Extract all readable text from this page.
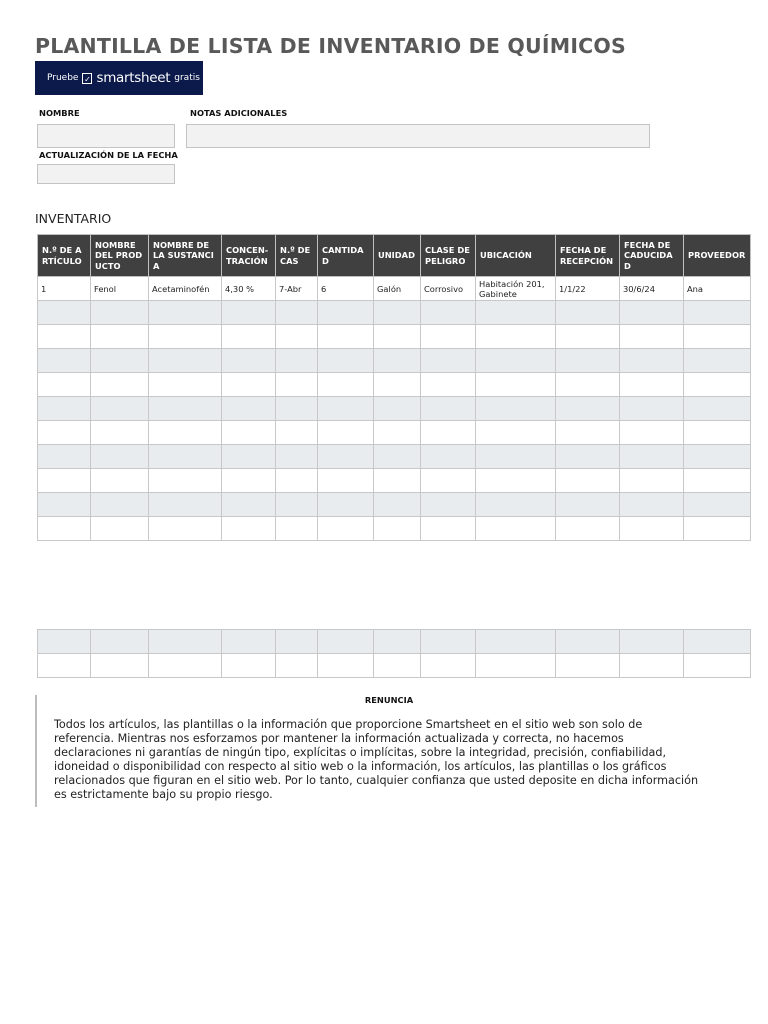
PLANTILLA DE LISTA DE INVENTARIO DE QUÍMICOS
Pruebe ✓ smartsheet gratis
NOMBRE	NOTAS ADICIONALES
ACTUALIZACIÓN DE LA FECHA
INVENTARIO
N.º DE ARTÍCULO	NOMBRE DEL PRODUCTO	NOMBRE DE LA SUSTANCIA	CONCEN- TRACIÓN	N.º DE CAS	CANTIDAD	UNIDAD	CLASE DE PELIGRO	UBICACIÓN	FECHA DE RECEPCIÓN	FECHA DE CADUCIDAD	PROVEEDOR
1	Fenol	Acetaminofén	4,30 %	7-Abr	6	Galón	Corrosivo	Habitación 201, Gabinete	1/1/22	30/6/24	Ana

RENUNCIA
Todos los artículos, las plantillas o la información que proporcione Smartsheet en el sitio web son solo de referencia. Mientras nos esforzamos por mantener la información actualizada y correcta, no hacemos declaraciones ni garantías de ningún tipo, explícitas o implícitas, sobre la integridad, precisión, confiabilidad, idoneidad o disponibilidad con respecto al sitio web o la información, los artículos, las plantillas o los gráficos relacionados que figuran en el sitio web. Por lo tanto, cualquier confianza que usted deposite en dicha información es estrictamente bajo su propio riesgo.
